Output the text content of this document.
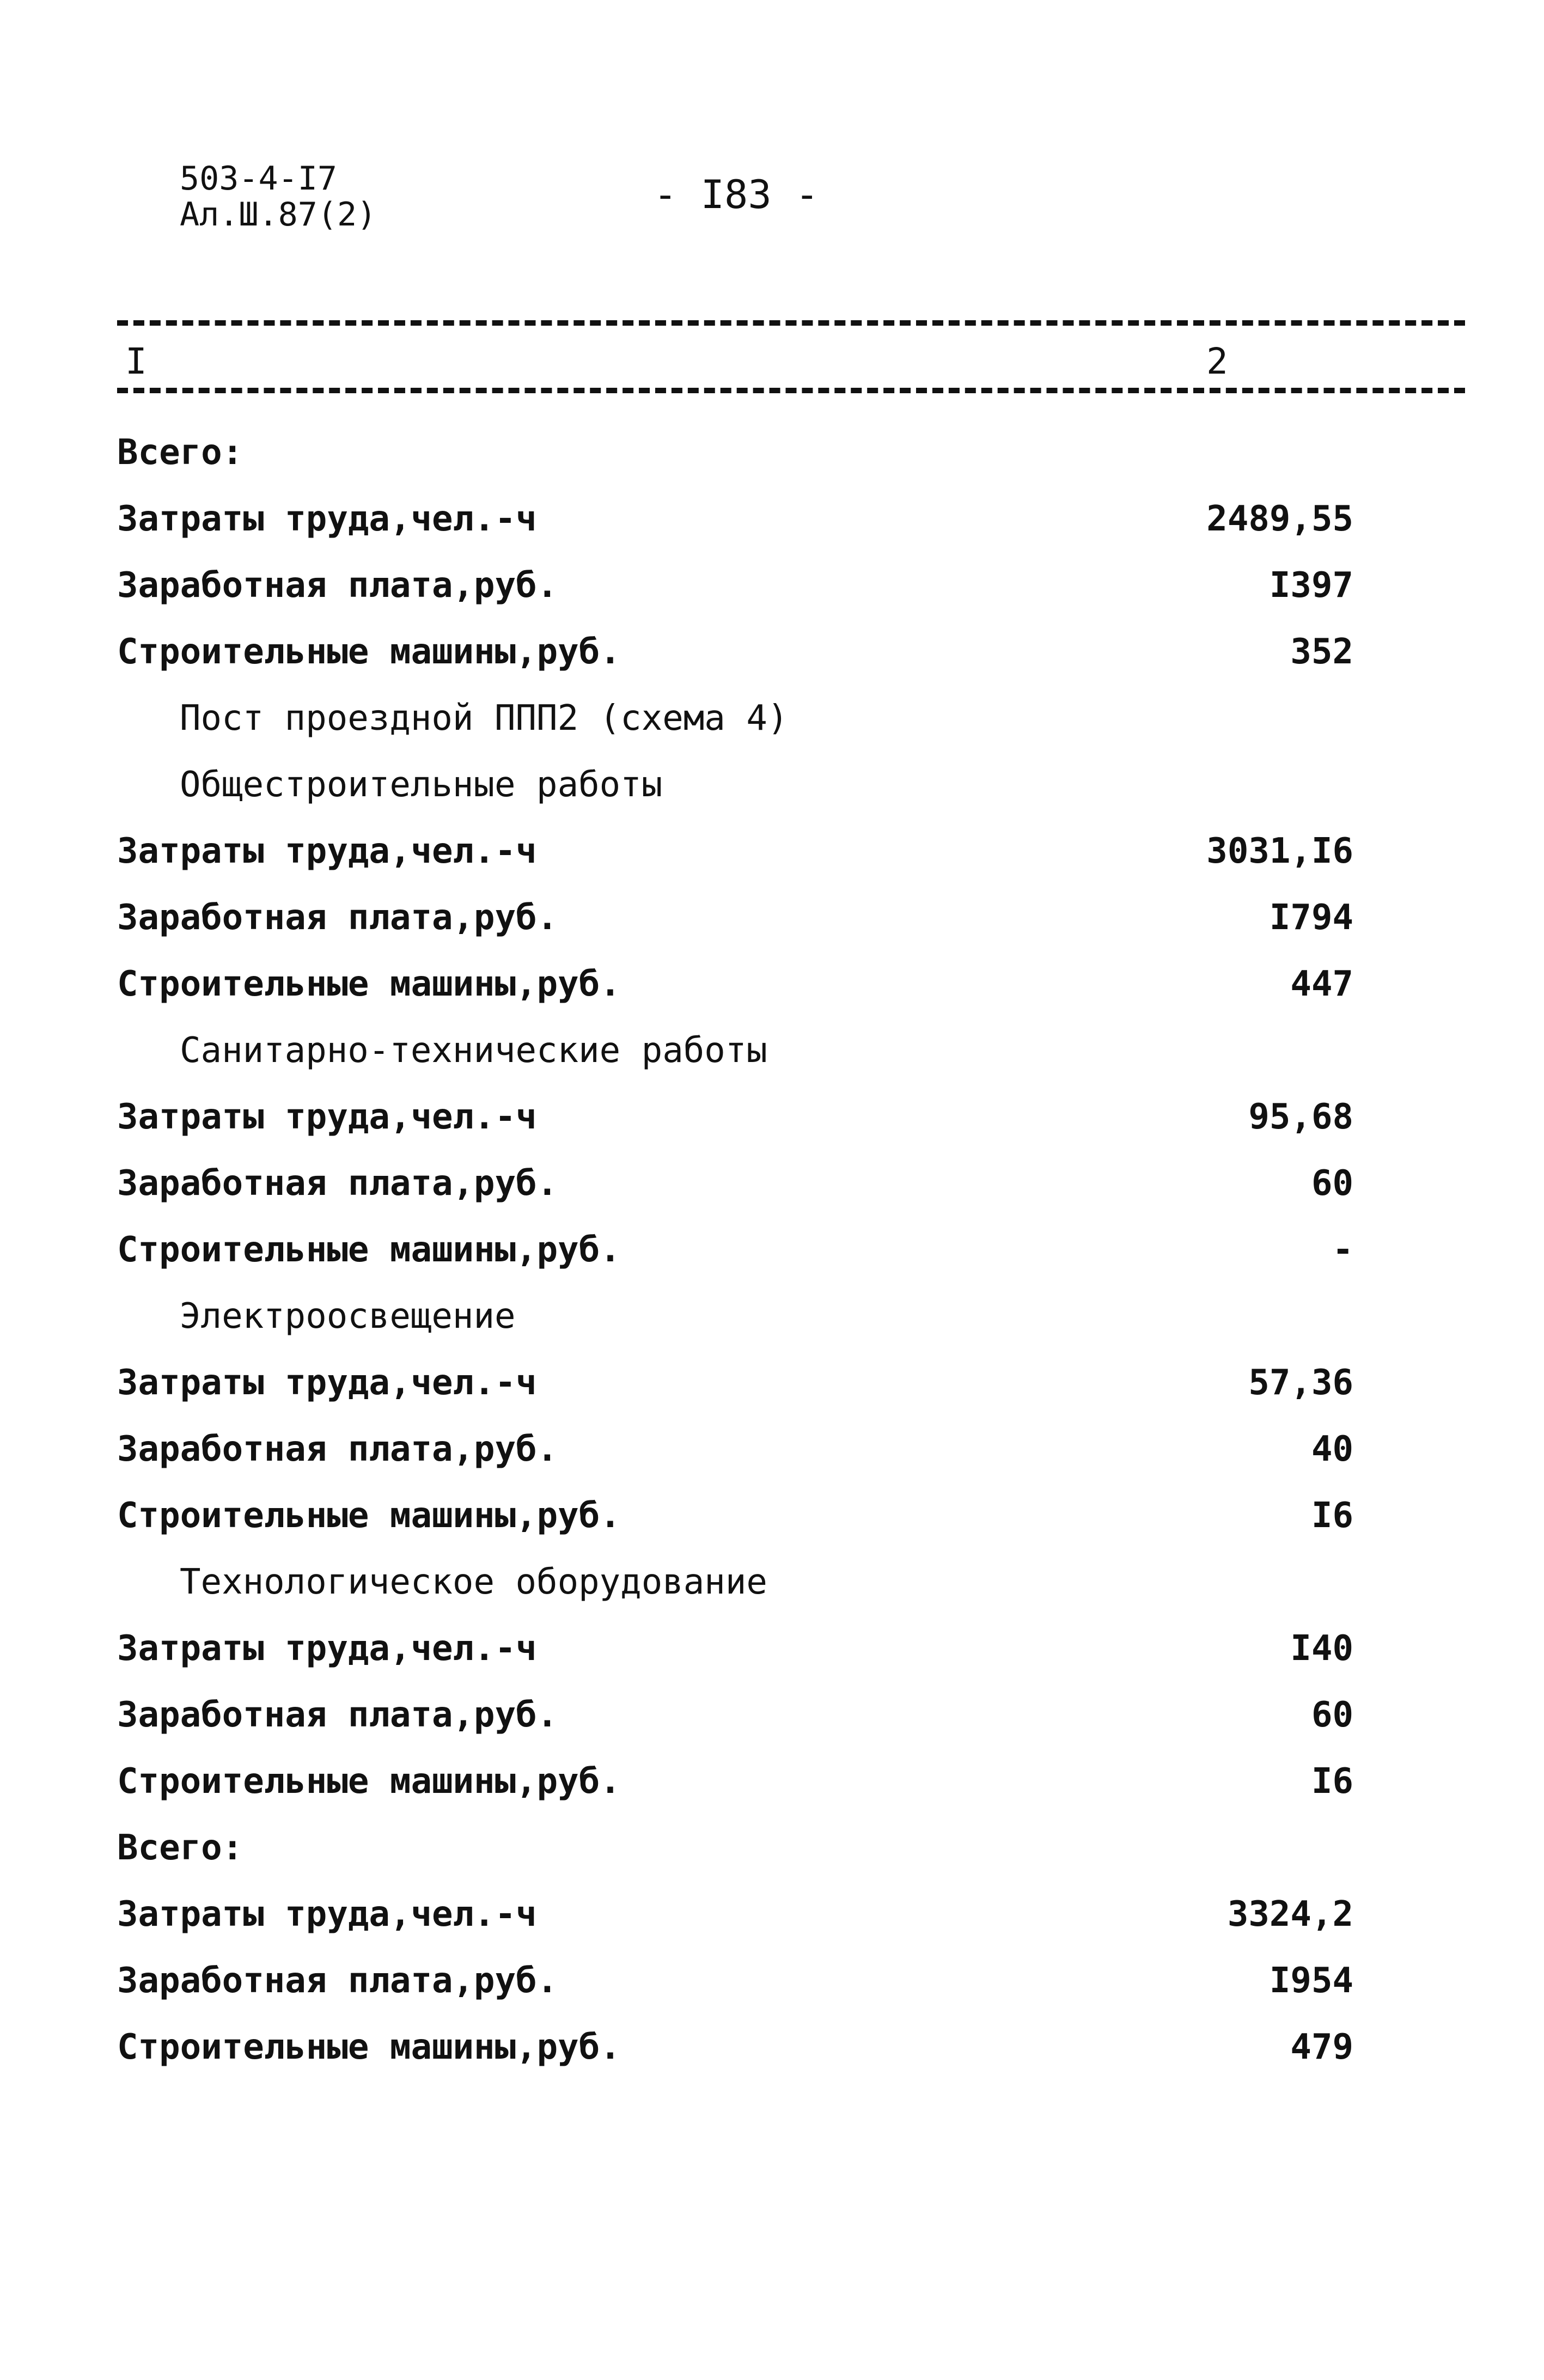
503-4-I7
Ал.Ш.87(2)	- I83 -
I	2
Всего:
Затраты труда,чел.-ч	2489,55
Заработная плата,руб.	I397
Строительные машины,руб.	352
Пост проездной ППП2 (схема 4)
Общестроительные работы
Затраты труда,чел.-ч	3031,I6
Заработная плата,руб.	I794
Строительные машины,руб.	447
Санитарно-технические работы
Затраты труда,чел.-ч	95,68
Заработная плата,руб.	60
Строительные машины,руб.	-
Электроосвещение
Затраты труда,чел.-ч	57,36
Заработная плата,руб.	40
Строительные машины,руб.	I6
Технологическое оборудование
Затраты труда,чел.-ч	I40
Заработная плата,руб.	60
Строительные машины,руб.	I6
Всего:
Затраты труда,чел.-ч	3324,2
Заработная плата,руб.	I954
Строительные машины,руб.	479
